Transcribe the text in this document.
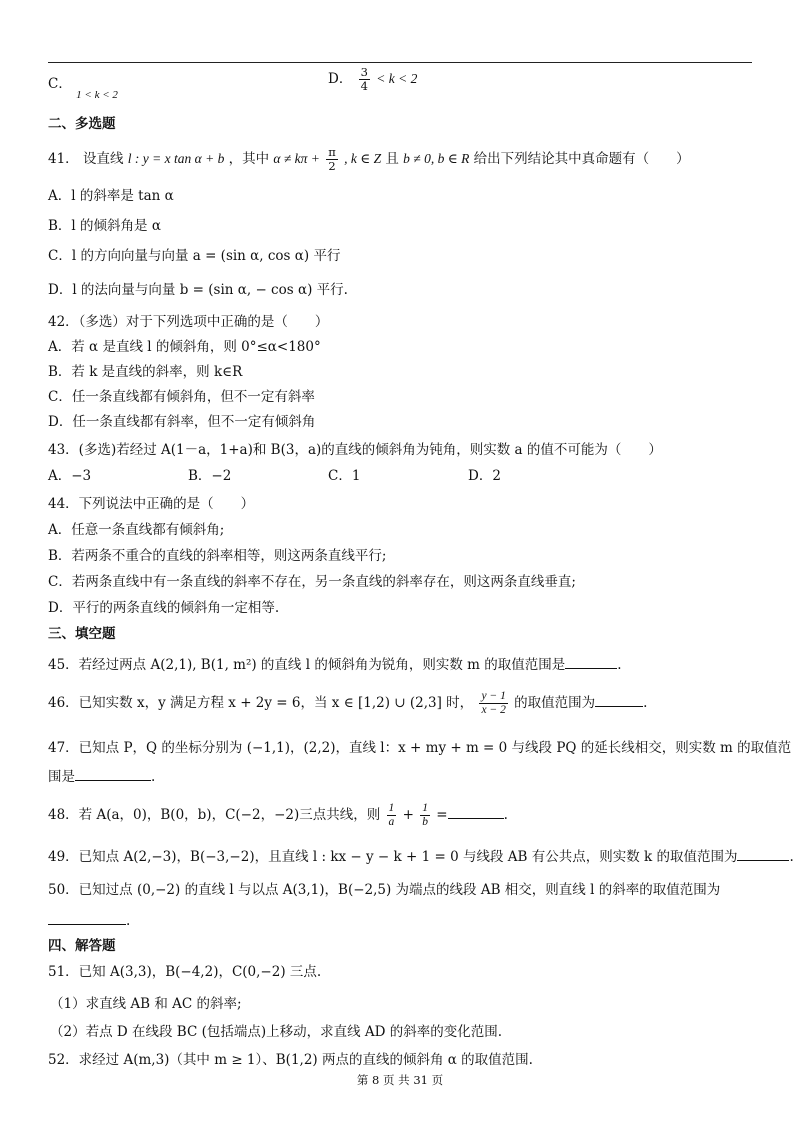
C． $_{1 < k < 2}$
D． $\frac{3}{4} < k < 2$
二、多选题
41． 设直线 l : y = x tan α + b ，其中 $\alpha \ne k\pi + \frac{\pi}{2}$ , k ∈ Z 且 b ≠ 0, b ∈ R 给出下列结论其中真命题有（　　）
A．l 的斜率是 tan α
B．l 的倾斜角是 α
C．l 的方向向量与向量 a = (sin α, cos α) 平行
D．l 的法向量与向量 b = (sin α, − cos α) 平行.
42．（多选）对于下列选项中正确的是（　　）
A．若 α 是直线 l 的倾斜角，则 0°≤α<180°
B．若 k 是直线的斜率，则 k∈R
C．任一条直线都有倾斜角，但不一定有斜率
D．任一条直线都有斜率，但不一定有倾斜角
43．(多选)若经过 A(1－a，1+a)和 B(3，a)的直线的倾斜角为钝角，则实数 a 的值不可能为（　　）
A．−3	B．−2	C．1	D．2
44．下列说法中正确的是（　　）
A．任意一条直线都有倾斜角;
B．若两条不重合的直线的斜率相等，则这两条直线平行;
C．若两条直线中有一条直线的斜率不存在，另一条直线的斜率存在，则这两条直线垂直;
D．平行的两条直线的倾斜角一定相等.
三、填空题
45．若经过两点 A(2,1), B(1, m²) 的直线 l 的倾斜角为锐角，则实数 m 的取值范围是	.
46．已知实数 x，y 满足方程 x + 2y = 6，当 x ∈ [1,2) ∪ (2,3] 时， $\frac{y - 1}{x - 2}$ 的取值范围为	.
47．已知点 P，Q 的坐标分别为 (−1,1)，(2,2)，直线 l：x + my + m = 0 与线段 PQ 的延长线相交，则实数 m 的取值范
围是	.
48．若 A(a，0)，B(0，b)，C(−2，−2)三点共线，则 $\frac{1}{a} + \frac{1}{b}$ =	.
49．已知点 A(2,−3)，B(−3,−2)，且直线 l : kx − y − k + 1 = 0 与线段 AB 有公共点，则实数 k 的取值范围为	.
50．已知过点 (0,−2) 的直线 l 与以点 A(3,1)，B(−2,5) 为端点的线段 AB 相交，则直线 l 的斜率的取值范围为
.
四、解答题
51．已知 A(3,3)，B(−4,2)，C(0,−2) 三点.
（1）求直线 AB 和 AC 的斜率;
（2）若点 D 在线段 BC (包括端点)上移动，求直线 AD 的斜率的变化范围.
52．求经过 A(m,3)（其中 m ≥ 1）、B(1,2) 两点的直线的倾斜角 α 的取值范围.
第 8 页 共 31 页
